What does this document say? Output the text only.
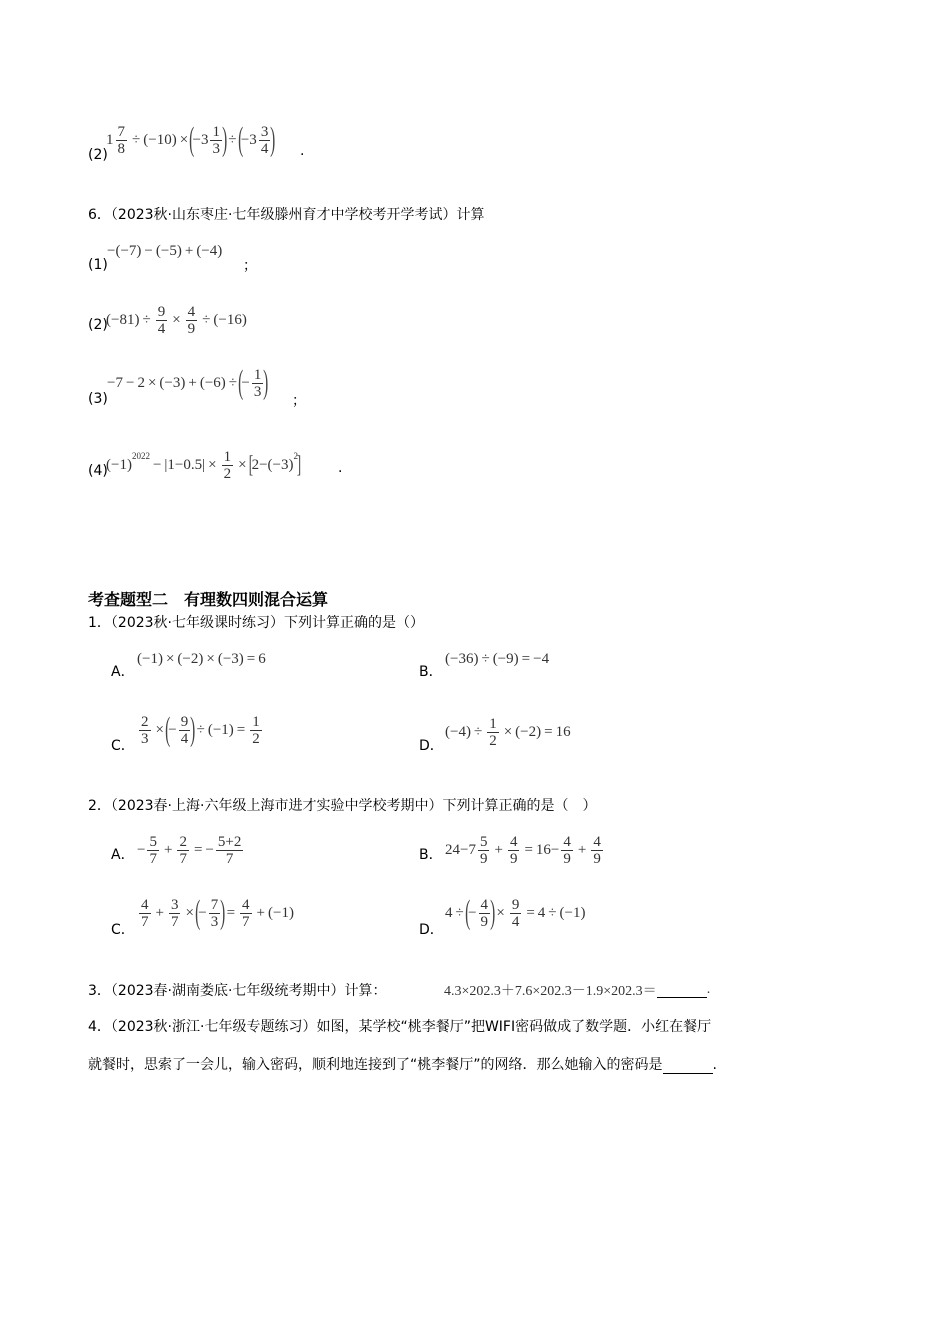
(2)
$1 \frac{7}{8} \div (-10)$ × (
$-3 \frac{1}{3}$ ) ÷ (
$-3 \frac{3}{4}$ ) .
6．（2023秋·山东枣庄·七年级滕州育才中学校考开学考试）计算
(1)
−(−7) − (−5) + (−4)
；
(2)
$(-81) \div \frac{9}{4} \times \frac{4}{9} \div (-16)$
(3)
−7 − 2 × (−3) + (−6) ÷ (
− $\frac{1}{3}$ ) ；
(4)
(−1)
2022
− $|1-0.5| \times \frac{1}{2}$ × [
2−(−3)
2
]	.
考查题型二　有理数四则混合运算
1．（2023秋·七年级课时练习）下列计算正确的是（）
A．
(−1) × (−2) × (−3) = 6
B．
(−36) ÷ (−9) = −4
C． $\frac{2}{3}$ × (
− $\frac{9}{4}$ ) ÷ $(-1) = \frac{1}{2}$	D．
$(-4) \div \frac{1}{2} \times (-2) = 16$
2．（2023春·上海·六年级上海市进才实验中学校考期中）下列计算正确的是（　）
A． − $\frac{5}{7} + \frac{2}{7}$ = − $\frac{5+2}{7}$	B． $24-7 \frac{5}{9} + \frac{4}{9} = 16- \frac{4}{9} + \frac{4}{9}$
C．
$\frac{4}{7} + \frac{3}{7}$ × (
− $\frac{7}{3}$ ) = $\frac{4}{7} + (-1)$
D．
4 ÷ (
− $\frac{4}{9}$ ) × $\frac{9}{4} = 4 \div (-1)$
3．（2023春·湖南娄底·七年级统考期中）计算：	4.3×202.3＋7.6×202.3－1.9×202.3＝	.
4．（2023秋·浙江·七年级专题练习）如图，某学校“桃李餐厅”把WIFI密码做成了数学题．小红在餐厅
就餐时，思索了一会儿，输入密码，顺利地连接到了“桃李餐厅”的网络．那么她输入的密码是	.
